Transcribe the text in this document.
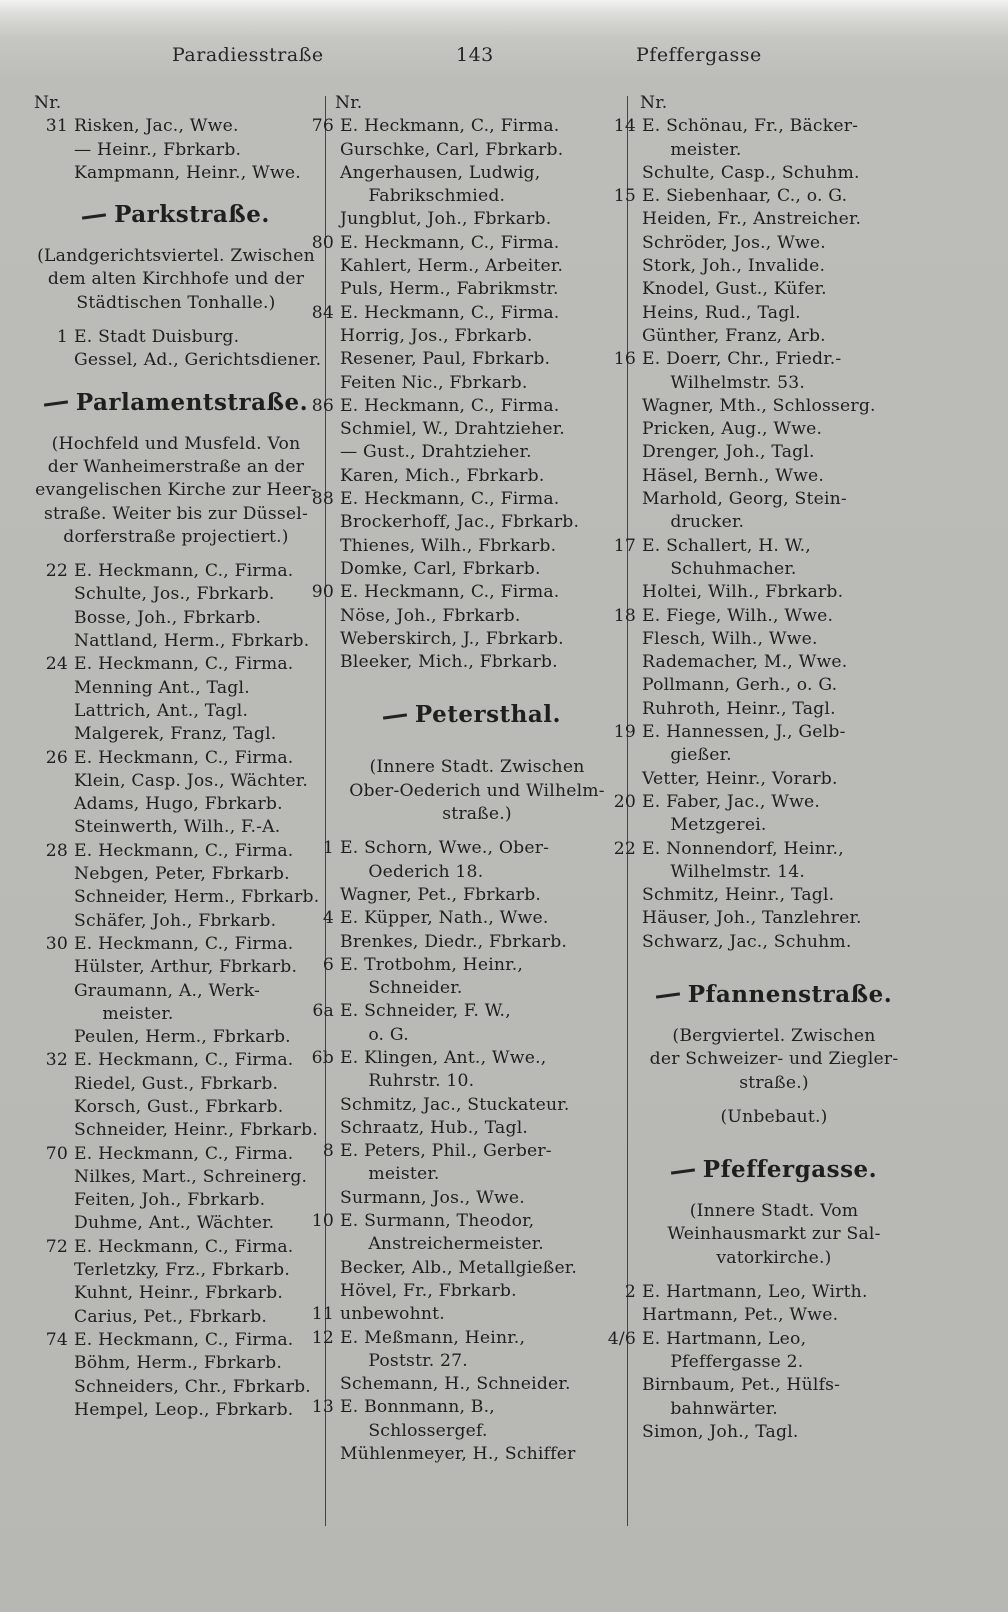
Paradiesstraße	143	Pfeffergasse
Nr.
31 Risken, Jac., Wwe.
— Heinr., Fbrkarb.
Kampmann, Heinr., Wwe.
Parkstraße.
(Landgerichtsviertel. Zwischen
dem alten Kirchhofe und der
Städtischen Tonhalle.)
1 E. Stadt Duisburg.
Gessel, Ad., Gerichtsdiener.
Parlamentstraße.
(Hochfeld und Musfeld. Von
der Wanheimerstraße an der
evangelischen Kirche zur Heer-
straße. Weiter bis zur Düssel-
dorferstraße projectiert.)
22 E. Heckmann, C., Firma.
Schulte, Jos., Fbrkarb.
Bosse, Joh., Fbrkarb.
Nattland, Herm., Fbrkarb.
24 E. Heckmann, C., Firma.
Menning Ant., Tagl.
Lattrich, Ant., Tagl.
Malgerek, Franz, Tagl.
26 E. Heckmann, C., Firma.
Klein, Casp. Jos., Wächter.
Adams, Hugo, Fbrkarb.
Steinwerth, Wilh., F.-A.
28 E. Heckmann, C., Firma.
Nebgen, Peter, Fbrkarb.
Schneider, Herm., Fbrkarb.
Schäfer, Joh., Fbrkarb.
30 E. Heckmann, C., Firma.
Hülster, Arthur, Fbrkarb.
Graumann, A., Werk-
meister.
Peulen, Herm., Fbrkarb.
32 E. Heckmann, C., Firma.
Riedel, Gust., Fbrkarb.
Korsch, Gust., Fbrkarb.
Schneider, Heinr., Fbrkarb.
70 E. Heckmann, C., Firma.
Nilkes, Mart., Schreinerg.
Feiten, Joh., Fbrkarb.
Duhme, Ant., Wächter.
72 E. Heckmann, C., Firma.
Terletzky, Frz., Fbrkarb.
Kuhnt, Heinr., Fbrkarb.
Carius, Pet., Fbrkarb.
74 E. Heckmann, C., Firma.
Böhm, Herm., Fbrkarb.
Schneiders, Chr., Fbrkarb.
Hempel, Leop., Fbrkarb.
Nr.
76 E. Heckmann, C., Firma.
Gurschke, Carl, Fbrkarb.
Angerhausen, Ludwig,
Fabrikschmied.
Jungblut, Joh., Fbrkarb.
80 E. Heckmann, C., Firma.
Kahlert, Herm., Arbeiter.
Puls, Herm., Fabrikmstr.
84 E. Heckmann, C., Firma.
Horrig, Jos., Fbrkarb.
Resener, Paul, Fbrkarb.
Feiten Nic., Fbrkarb.
86 E. Heckmann, C., Firma.
Schmiel, W., Drahtzieher.
— Gust., Drahtzieher.
Karen, Mich., Fbrkarb.
88 E. Heckmann, C., Firma.
Brockerhoff, Jac., Fbrkarb.
Thienes, Wilh., Fbrkarb.
Domke, Carl, Fbrkarb.
90 E. Heckmann, C., Firma.
Nöse, Joh., Fbrkarb.
Weberskirch, J., Fbrkarb.
Bleeker, Mich., Fbrkarb.
Petersthal.
(Innere Stadt. Zwischen
Ober-Oederich und Wilhelm-
straße.)
1 E. Schorn, Wwe., Ober-
Oederich 18.
Wagner, Pet., Fbrkarb.
4 E. Küpper, Nath., Wwe.
Brenkes, Diedr., Fbrkarb.
6 E. Trotbohm, Heinr.,
Schneider.
6a E. Schneider, F. W.,
o. G.
6b E. Klingen, Ant., Wwe.,
Ruhrstr. 10.
Schmitz, Jac., Stuckateur.
Schraatz, Hub., Tagl.
8 E. Peters, Phil., Gerber-
meister.
Surmann, Jos., Wwe.
10 E. Surmann, Theodor,
Anstreichermeister.
Becker, Alb., Metallgießer.
Hövel, Fr., Fbrkarb.
11 unbewohnt.
12 E. Meßmann, Heinr.,
Poststr. 27.
Schemann, H., Schneider.
13 E. Bonnmann, B.,
Schlossergef.
Mühlenmeyer, H., Schiffer
Nr.
14 E. Schönau, Fr., Bäcker-
meister.
Schulte, Casp., Schuhm.
15 E. Siebenhaar, C., o. G.
Heiden, Fr., Anstreicher.
Schröder, Jos., Wwe.
Stork, Joh., Invalide.
Knodel, Gust., Küfer.
Heins, Rud., Tagl.
Günther, Franz, Arb.
16 E. Doerr, Chr., Friedr.-
Wilhelmstr. 53.
Wagner, Mth., Schlosserg.
Pricken, Aug., Wwe.
Drenger, Joh., Tagl.
Häsel, Bernh., Wwe.
Marhold, Georg, Stein-
drucker.
17 E. Schallert, H. W.,
Schuhmacher.
Holtei, Wilh., Fbrkarb.
18 E. Fiege, Wilh., Wwe.
Flesch, Wilh., Wwe.
Rademacher, M., Wwe.
Pollmann, Gerh., o. G.
Ruhroth, Heinr., Tagl.
19 E. Hannessen, J., Gelb-
gießer.
Vetter, Heinr., Vorarb.
20 E. Faber, Jac., Wwe.
Metzgerei.
22 E. Nonnendorf, Heinr.,
Wilhelmstr. 14.
Schmitz, Heinr., Tagl.
Häuser, Joh., Tanzlehrer.
Schwarz, Jac., Schuhm.
Pfannenstraße.
(Bergviertel. Zwischen
der Schweizer- und Ziegler-
straße.)
(Unbebaut.)
Pfeffergasse.
(Innere Stadt. Vom
Weinhausmarkt zur Sal-
vatorkirche.)
2 E. Hartmann, Leo, Wirth.
Hartmann, Pet., Wwe.
4/6 E. Hartmann, Leo,
Pfeffergasse 2.
Birnbaum, Pet., Hülfs-
bahnwärter.
Simon, Joh., Tagl.
